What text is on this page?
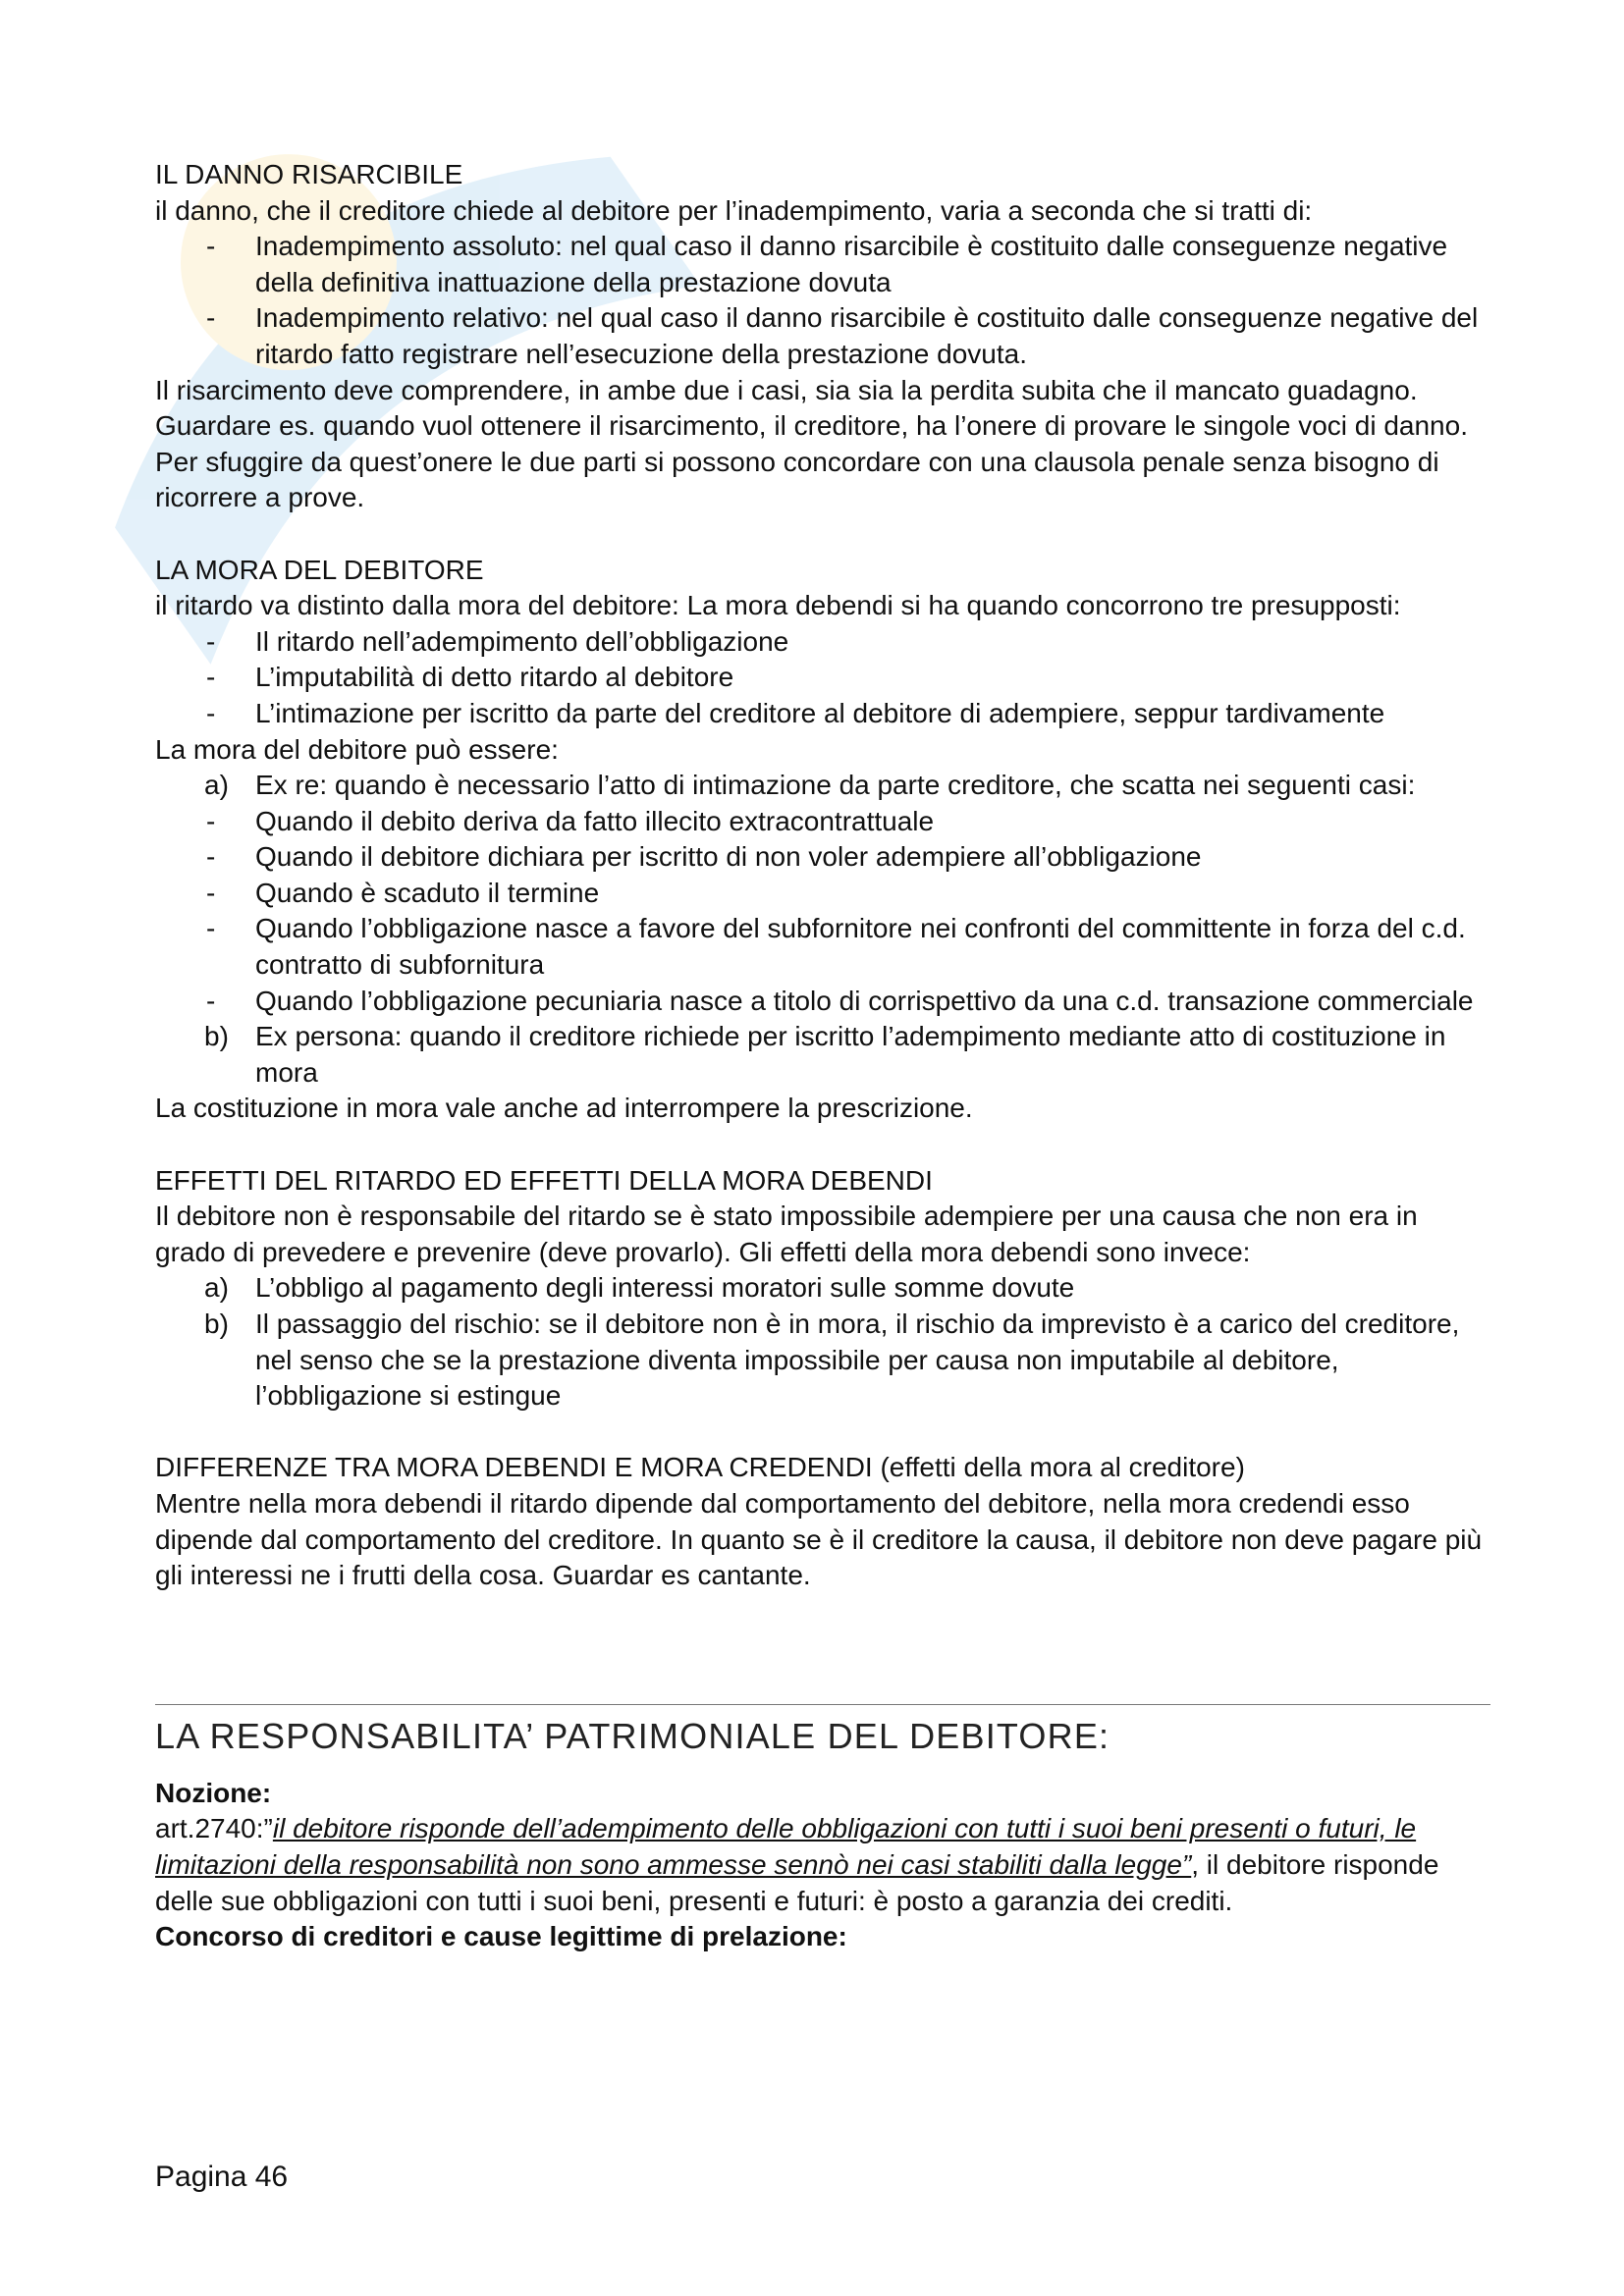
IL DANNO RISARCIBILE

il danno, che il creditore chiede al debitore per l’inadempimento, varia a seconda che si tratti di:

- Inadempimento assoluto: nel qual caso il danno risarcibile è costituito dalle conseguenze negative della definitiva inattuazione della prestazione dovuta
- Inadempimento relativo: nel qual caso il danno risarcibile è costituito dalle conseguenze negative del ritardo fatto registrare nell’esecuzione della prestazione dovuta.

Il risarcimento deve comprendere, in ambe due i casi, sia sia la perdita subita che il mancato guadagno. Guardare es. quando vuol ottenere il risarcimento, il creditore, ha l’onere di provare le singole voci di danno. Per sfuggire da quest’onere le due parti si possono concordare con una clausola penale senza bisogno di ricorrere a prove.

LA MORA DEL DEBITORE

il ritardo va distinto dalla mora del debitore: La mora debendi si ha quando concorrono tre presupposti:

- Il ritardo nell’adempimento dell’obbligazione
- L’imputabilità di detto ritardo al debitore
- L’intimazione per iscritto da parte del creditore al debitore di adempiere, seppur tardivamente

La mora del debitore può essere:

a) Ex re: quando è necessario l’atto di intimazione da parte creditore, che scatta nei seguenti casi:
- Quando il debito deriva da fatto illecito extracontrattuale
- Quando il debitore dichiara per iscritto di non voler adempiere all’obbligazione
- Quando è scaduto il termine
- Quando l’obbligazione nasce a favore del subfornitore nei confronti del committente in forza del c.d. contratto di subfornitura
- Quando l’obbligazione pecuniaria nasce a titolo di corrispettivo da una c.d. transazione commerciale
b) Ex persona: quando il creditore richiede per iscritto l’adempimento mediante atto di costituzione in mora

La costituzione in mora vale anche ad interrompere la prescrizione.

EFFETTI DEL RITARDO ED EFFETTI DELLA MORA DEBENDI

Il debitore non è responsabile del ritardo se è stato impossibile adempiere per una causa che non era in grado di prevedere e prevenire (deve provarlo). Gli effetti della mora debendi sono invece:

a) L’obbligo al pagamento degli interessi moratori sulle somme dovute
b) Il passaggio del rischio: se il debitore non è in mora, il rischio da imprevisto è a carico del creditore, nel senso che se la prestazione diventa impossibile per causa non imputabile al debitore, l’obbligazione si estingue

DIFFERENZE TRA MORA DEBENDI E MORA CREDENDI (effetti della mora al creditore)

Mentre nella mora debendi il ritardo dipende dal comportamento del debitore, nella mora credendi esso dipende dal comportamento del creditore. In quanto se è il creditore la causa, il debitore non deve pagare più gli interessi ne i frutti della cosa. Guardar es cantante.

LA RESPONSABILITA’ PATRIMONIALE DEL DEBITORE:

Nozione:

art.2740:”il debitore risponde dell’adempimento delle obbligazioni con tutti i suoi beni presenti o futuri, le limitazioni della responsabilità non sono ammesse sennò nei casi stabiliti dalla legge”, il debitore risponde delle sue obbligazioni con tutti i suoi beni, presenti e futuri: è posto a garanzia dei crediti.

Concorso di creditori e cause legittime di prelazione:

Pagina 46
